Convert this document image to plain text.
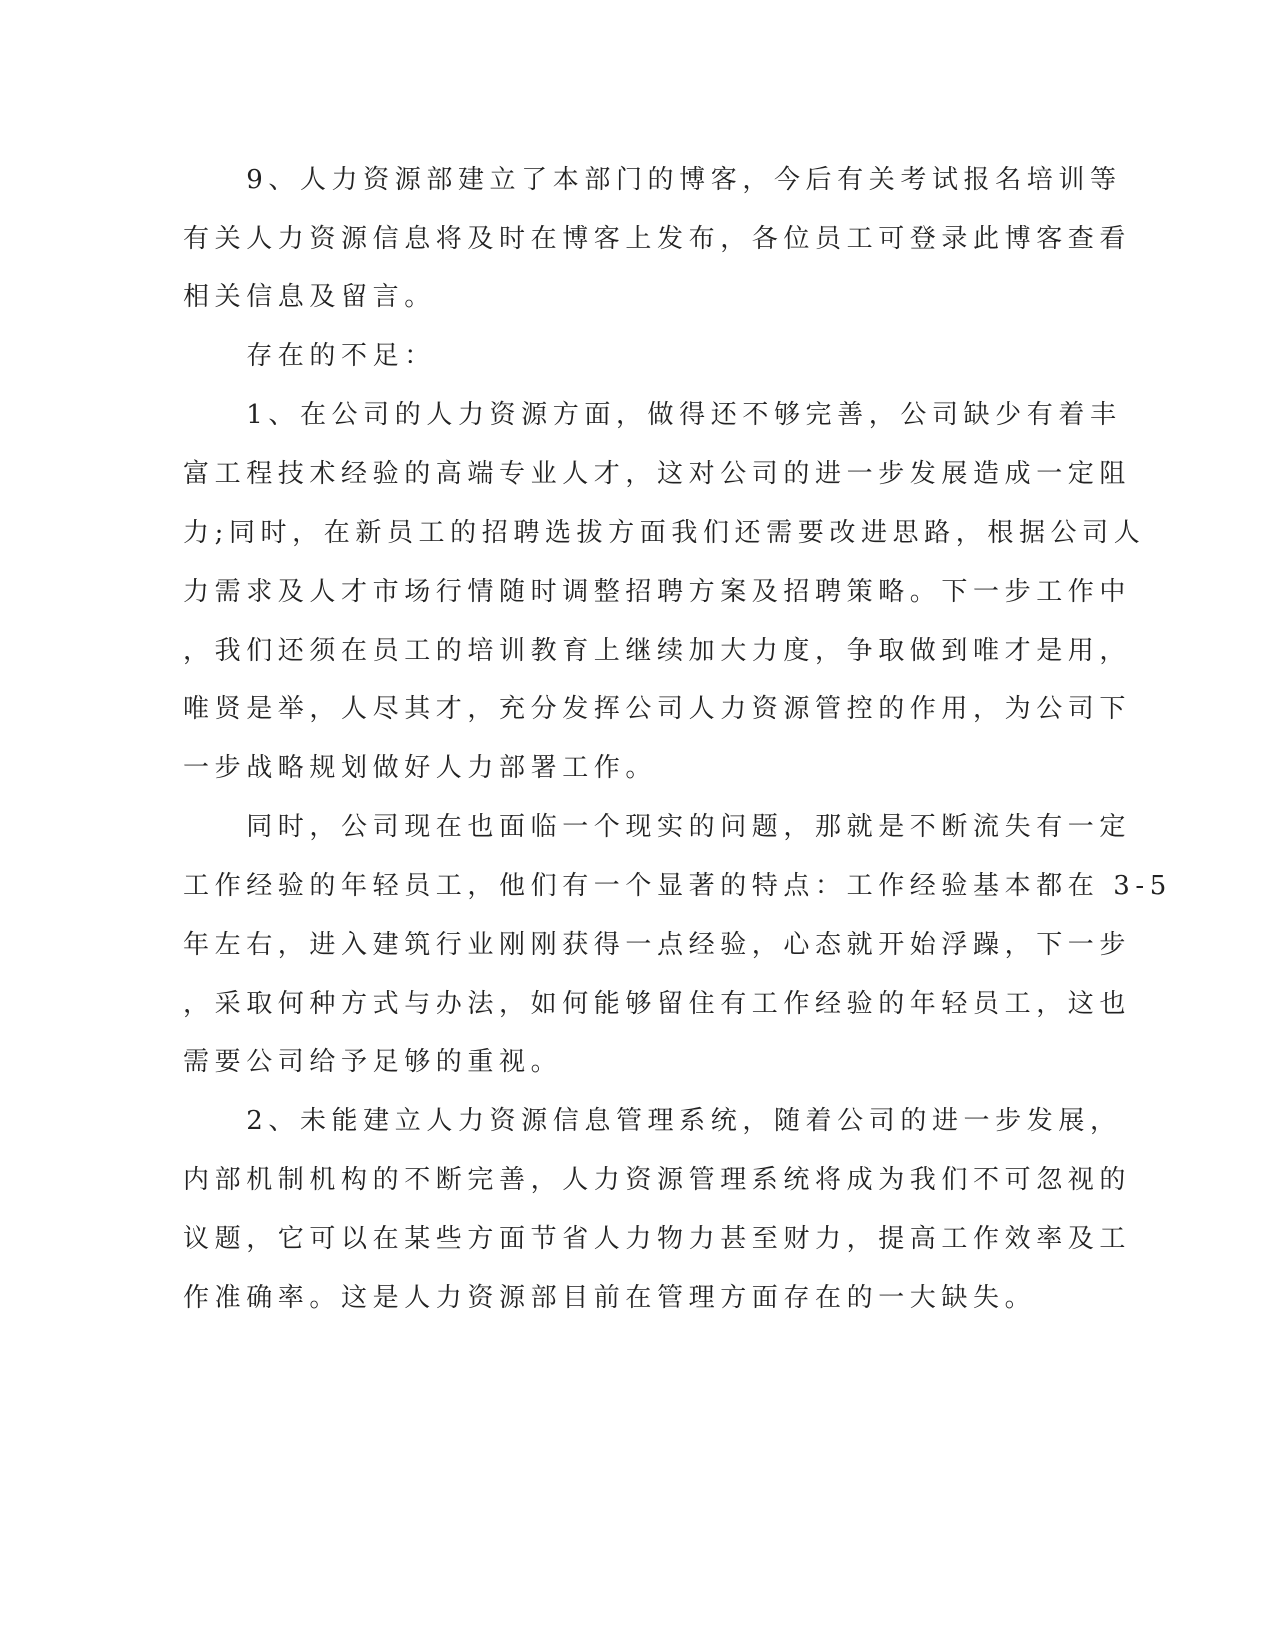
　　9、人力资源部建立了本部门的博客，今后有关考试报名培训等

有关人力资源信息将及时在博客上发布，各位员工可登录此博客查看

相关信息及留言。

　　存在的不足：

　　1、在公司的人力资源方面，做得还不够完善，公司缺少有着丰

富工程技术经验的高端专业人才，这对公司的进一步发展造成一定阻

力;同时，在新员工的招聘选拔方面我们还需要改进思路，根据公司人

力需求及人才市场行情随时调整招聘方案及招聘策略。下一步工作中

，我们还须在员工的培训教育上继续加大力度，争取做到唯才是用，

唯贤是举，人尽其才，充分发挥公司人力资源管控的作用，为公司下

一步战略规划做好人力部署工作。

　　同时，公司现在也面临一个现实的问题，那就是不断流失有一定

工作经验的年轻员工，他们有一个显著的特点：工作经验基本都在 3-5

年左右，进入建筑行业刚刚获得一点经验，心态就开始浮躁，下一步

，采取何种方式与办法，如何能够留住有工作经验的年轻员工，这也

需要公司给予足够的重视。

　　2、未能建立人力资源信息管理系统，随着公司的进一步发展，

内部机制机构的不断完善，人力资源管理系统将成为我们不可忽视的

议题，它可以在某些方面节省人力物力甚至财力，提高工作效率及工

作准确率。这是人力资源部目前在管理方面存在的一大缺失。
